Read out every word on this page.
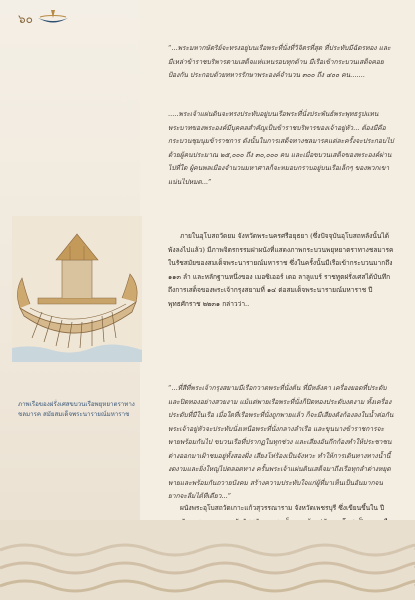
๖๐
“...พระมหากษัตริย์จะทรงอยู่บนเรือพระที่นั่งที่วิจิตรที่สุด ที่ประทับมีฉัตรทอง และมีเหล่าข้าราชบริพารตามเสด็จแห่แหนรอบทุกด้าน มีเรือเข้ากระบวนเสด็จคอยป้องกัน ประกอบด้วยทหารรักษาพระองค์จำนวน ๓๐๐ ถึง ๔๐๐ คน.......
.....พระเจ้าแผ่นดินจะทรงประทับอยู่บนเรือพระที่นั่งประพันธ์พระพุทธรูปแทนพระบาทของพระองค์มีบุคคลสำคัญเป็นข้าราชบริพารของเจ้าอยู่หัว... ต้องมีคือกระบวนชุมนุมข้าราชการ ดังนั้นในการเสด็จทางชลมารคแต่ละครั้งจะประกอบไปด้วยผู้คนประมาณ ๒๕,๐๐๐ ถึง ๓๐,๐๐๐ คน และเมื่อขบวนเสด็จของพระองค์ผ่านไปที่ใด ผู้คนพลเมืองจำนวนมหาศาลก็จะหมอบกราบอยู่บนเรือเล็กๆ ของพวกเขาแน่นไปหมด...”
ภายในอุโบสถวัดยม จังหวัดพระนครศรีอยุธยา (ซึ่งปัจจุบันอุโบสถหลังนั้นได้พังลงไปแล้ว) มีภาพจิตรกรรมฝาผนังที่แสดงภาพกระบวนพยุหยาตราทางชลมารค ในรัชสมัยของสมเด็จพระนารายณ์มหาราช ซึ่งในครั้งนั้นมีเรือเข้ากระบวนมากถึง ๑๑๓ ลำ และหลักฐานหนึ่งของ เมอซิเออร์ เดอ ลาลูแบร์ ราชทูตฝรั่งเศสได้บันทึกถึงการเสด็จของพระเจ้ากรุงสยามที่ ๑๔ ต่อสมเด็จพระนารายณ์มหาราช ปีพุทธศักราช ๒๒๓๑ กล่าวว่า..
ภาพเรือของฝรั่งเศสขบวนเรือพยุหยาตราทางชลมารค สมัยสมเด็จพระนารายณ์มหาราช
“...ที่สีที่พระเจ้ากรุงสยามมีเรือกวาดพระที่นั่งต้น ที่มีหลังคา เครื่องยอดที่ประดับและปิดทองอย่างสวยงาม แม้แต่พายเรือพระที่นั่งก็ปิดทองประดับงดงาม ทั้งเครื่องประดับที่มีในเรือ เมื่อใดที่เรือพระที่นั่งถูกพายแล้ว ก็จะมีเสียงดังก้องลงในน้ำต่อกัน พระเจ้าอยู่หัวจะประทับนั่งเหนือพระที่นั่งกลางลำเรือ และขุนนางข้าราชการจะพายพร้อมกันไป ขบวนเรือที่ปรากฏในทุกช่วง และเสียงอันกึกก้องทำให้ประชาชนต่างออกมาเฝ้าชมอยู่ทั้งสองฝั่ง เสียงโห่ร้องเป็นจังหวะ ทำให้การเดินทางทางน้ำนี้งดงามและยิ่งใหญ่ไปตลอดทาง ครั้นพระเจ้าแผ่นดินเสด็จมาถึงเรือทุกลำต่างหยุดพายและพร้อมกันถวายบังคม สร้างความประทับใจแก่ผู้ที่มาเห็นเป็นอันมากจนยากจะลืมได้ทีเดียว...”
ผนังพระอุโบสถวัดเกาะแก้วสุวรรณาราม จังหวัดเพชรบุรี ซึ่งเขียนขึ้นใน ปี
